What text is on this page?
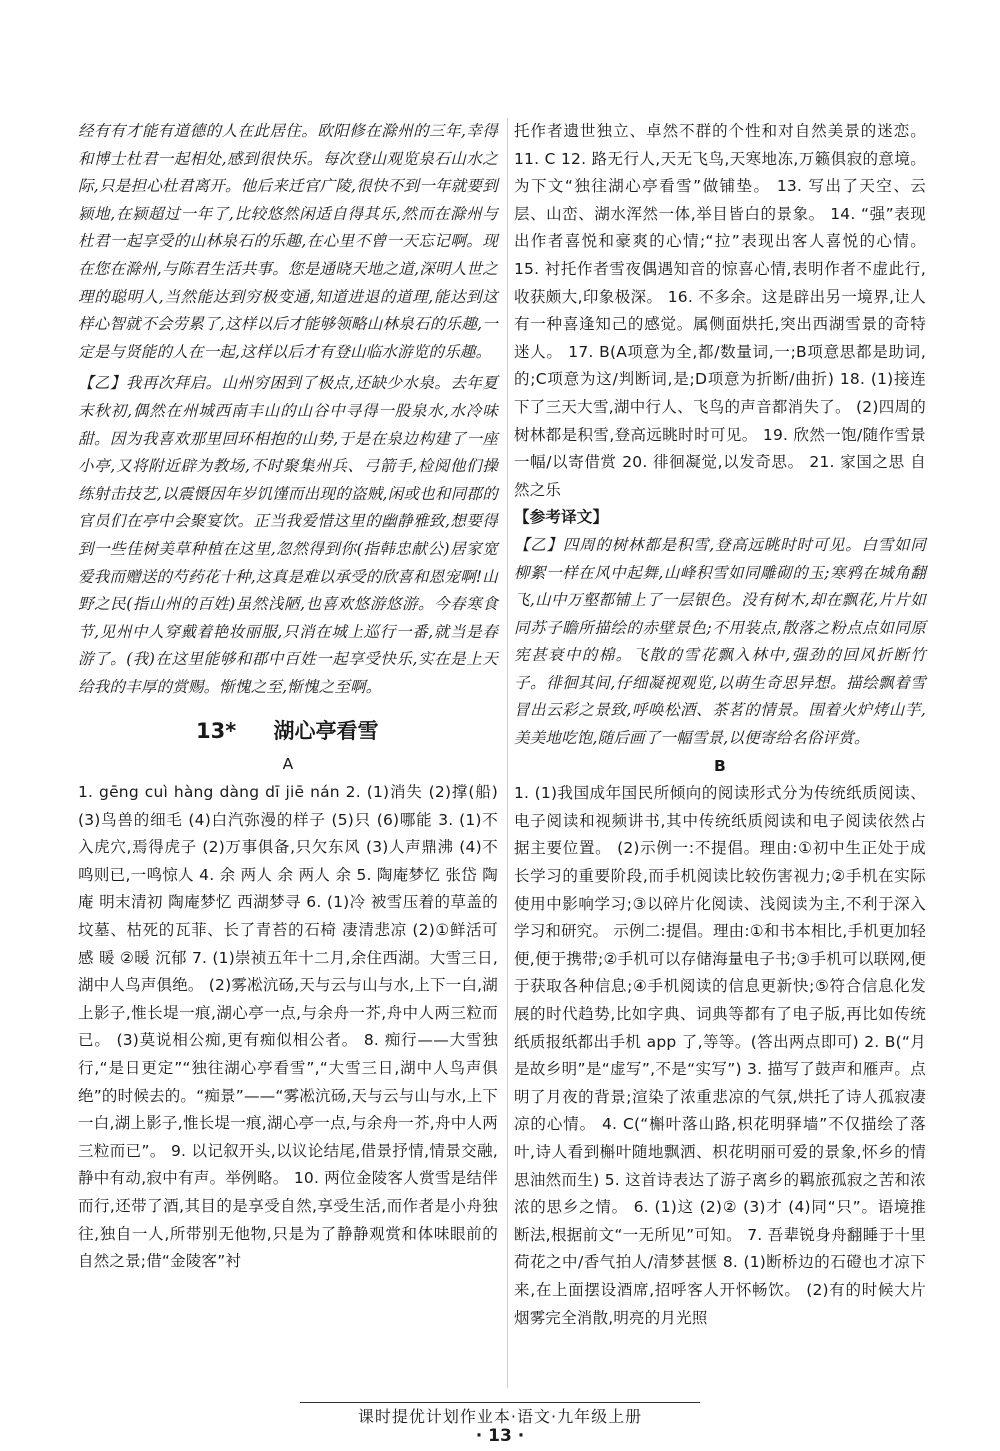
经有有才能有道德的人在此居住。欧阳修在滁州的三年,幸得和博士杜君一起相处,感到很快乐。每次登山观览泉石山水之际,只是担心杜君离开。他后来迁官广陵,很快不到一年就要到颍地,在颍超过一年了,比较悠然闲适自得其乐,然而在滁州与杜君一起享受的山林泉石的乐趣,在心里不曾一天忘记啊。现在您在滁州,与陈君生活共事。您是通晓天地之道,深明人世之理的聪明人,当然能达到穷极变通,知道进退的道理,能达到这样心智就不会劳累了,这样以后才能够领略山林泉石的乐趣,一定是与贤能的人在一起,这样以后才有登山临水游览的乐趣。

【乙】我再次拜启。山州穷困到了极点,还缺少水泉。去年夏末秋初,偶然在州城西南丰山的山谷中寻得一股泉水,水冷味甜。因为我喜欢那里回环相抱的山势,于是在泉边构建了一座小亭,又将附近辟为教场,不时聚集州兵、弓箭手,检阅他们操练射击技艺,以震慑因年岁饥馑而出现的盗贼,闲或也和同郡的官员们在亭中会聚宴饮。正当我爱惜这里的幽静雅致,想要得到一些佳树美草种植在这里,忽然得到你(指韩忠献公)居家宽爱我而赠送的芍药花十种,这真是难以承受的欣喜和恩宠啊!山野之民(指山州的百姓)虽然浅陋,也喜欢悠游悠游。今春寒食节,见州中人穿戴着艳妆丽服,只消在城上巡行一番,就当是春游了。(我)在这里能够和郡中百姓一起享受快乐,实在是上天给我的丰厚的赏赐。惭愧之至,惭愧之至啊。

13* 湖心亭看雪

A

1. gēng cuì hàng dàng dī jiē nán 2. (1)消失 (2)撑(船) (3)鸟兽的细毛 (4)白汽弥漫的样子 (5)只 (6)哪能 3. (1)不入虎穴,焉得虎子 (2)万事俱备,只欠东风 (3)人声鼎沸 (4)不鸣则已,一鸣惊人 4. 余 两人 余 两人 余 5. 陶庵梦忆 张岱 陶庵 明末清初 陶庵梦忆 西湖梦寻 6. (1)冷 被雪压着的草盖的坟墓、枯死的瓦菲、长了青苔的石椅 凄清悲凉 (2)①鲜活可感 暖 ②暖 沉郁 7. (1)崇祯五年十二月,余住西湖。大雪三日,湖中人鸟声俱绝。 (2)雾凇沆砀,天与云与山与水,上下一白,湖上影子,惟长堤一痕,湖心亭一点,与余舟一芥,舟中人两三粒而已。 (3)莫说相公痴,更有痴似相公者。 8. 痴行——大雪独行,“是日更定”“独往湖心亭看雪”,“大雪三日,湖中人鸟声俱绝”的时候去的。“痴景”——“雾凇沆砀,天与云与山与水,上下一白,湖上影子,惟长堤一痕,湖心亭一点,与余舟一芥,舟中人两三粒而已”。 9. 以记叙开头,以议论结尾,借景抒情,情景交融,静中有动,寂中有声。举例略。 10. 两位金陵客人赏雪是结伴而行,还带了酒,其目的是享受自然,享受生活,而作者是小舟独往,独自一人,所带别无他物,只是为了静静观赏和体味眼前的自然之景;借“金陵客”衬

托作者遗世独立、卓然不群的个性和对自然美景的迷恋。 11. C 12. 路无行人,天无飞鸟,天寒地冻,万籁俱寂的意境。为下文“独往湖心亭看雪”做铺垫。 13. 写出了天空、云层、山峦、湖水浑然一体,举目皆白的景象。 14. “强”表现出作者喜悦和豪爽的心情;“拉”表现出客人喜悦的心情。 15. 衬托作者雪夜偶遇知音的惊喜心情,表明作者不虚此行,收获颇大,印象极深。 16. 不多余。这是辟出另一境界,让人有一种喜逢知己的感觉。属侧面烘托,突出西湖雪景的奇特迷人。 17. B(A项意为全,都/数量词,一;B项意思都是助词,的;C项意为这/判断词,是;D项意为折断/曲折) 18. (1)接连下了三天大雪,湖中行人、飞鸟的声音都消失了。 (2)四周的树林都是积雪,登高远眺时时可见。 19. 欣然一饱/随作雪景一幅/以寄借赏 20. 徘徊凝觉,以发奇思。 21. 家国之思 自然之乐

【参考译文】

【乙】四周的树林都是积雪,登高远眺时时可见。白雪如同柳絮一样在风中起舞,山峰积雪如同雕砌的玉;寒鸦在城角翻飞,山中万壑都铺上了一层银色。没有树木,却在飘花,片片如同苏子瞻所描绘的赤壁景色;不用装点,散落之粉点点如同原宪甚衰中的棉。飞散的雪花飘入林中,强劲的回风折断竹子。徘徊其间,仔细凝视观览,以萌生奇思异想。描绘飘着雪冒出云彩之景致,呼唤松酒、茶茗的情景。围着火炉烤山芋,美美地吃饱,随后画了一幅雪景,以便寄给名俗评赏。

B

1. (1)我国成年国民所倾向的阅读形式分为传统纸质阅读、电子阅读和视频讲书,其中传统纸质阅读和电子阅读依然占据主要位置。 (2)示例一:不提倡。理由:①初中生正处于成长学习的重要阶段,而手机阅读比较伤害视力;②手机在实际使用中影响学习;③以碎片化阅读、浅阅读为主,不利于深入学习和研究。 示例二:提倡。理由:①和书本相比,手机更加轻便,便于携带;②手机可以存储海量电子书;③手机可以联网,便于获取各种信息;④手机阅读的信息更新快;⑤符合信息化发展的时代趋势,比如字典、词典等都有了电子版,再比如传统纸质报纸都出手机 app 了,等等。(答出两点即可) 2. B(“月是故乡明”是“虚写”,不是“实写”) 3. 描写了鼓声和雁声。点明了月夜的背景;渲染了浓重悲凉的气氛,烘托了诗人孤寂凄凉的心情。 4. C(“槲叶落山路,枳花明驿墙”不仅描绘了落叶,诗人看到槲叶随地飘洒、枳花明丽可爱的景象,怀乡的情思油然而生) 5. 这首诗表达了游子离乡的羁旅孤寂之苦和浓浓的思乡之情。 6. (1)这 (2)② (3)才 (4)同“只”。语境推断法,根据前文“一无所见”可知。 7. 吾辈锐身舟翻睡于十里荷花之中/香气拍人/清梦甚惬 8. (1)断桥边的石磴也才凉下来,在上面摆设酒席,招呼客人开怀畅饮。 (2)有的时候大片烟雾完全消散,明亮的月光照

课时提优计划作业本·语文·九年级上册
· 13 ·
